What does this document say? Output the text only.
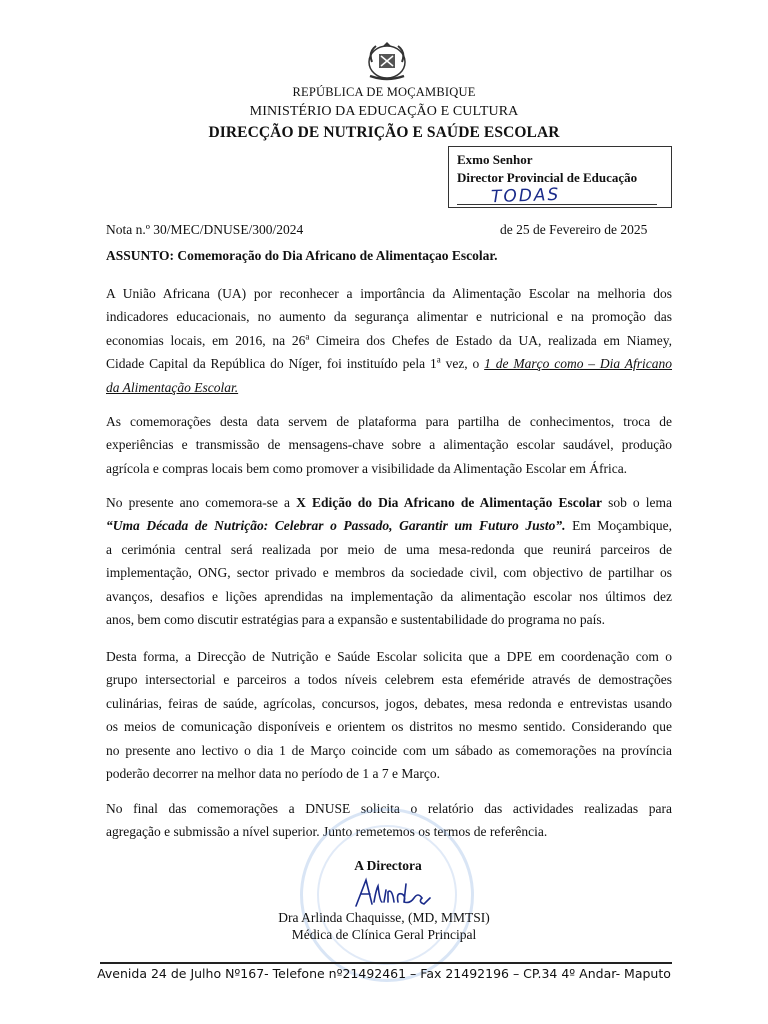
REPÚBLICA DE MOÇAMBIQUE
MINISTÉRIO DA EDUCAÇÃO E CULTURA
DIRECÇÃO DE NUTRIÇÃO E SAÚDE ESCOLAR
Exmo Senhor
Director Provincial de Educação
TODAS
Nota n.º 30/MEC/DNUSE/300/2024	de 25 de Fevereiro de 2025
ASSUNTO: Comemoração do Dia Africano de Alimentaçao Escolar.
A União Africana (UA) por reconhecer a importância da Alimentação Escolar na melhoria dos
indicadores educacionais, no aumento da segurança alimentar e nutricional e na promoção das
economias locais, em 2016, na 26$^a$ Cimeira dos Chefes de Estado da UA, realizada em Niamey,
Cidade Capital da República do Níger, foi instituído pela 1$^a$ vez, o 1 de Março como – Dia Africano
da Alimentação Escolar.
As comemorações desta data servem de plataforma para partilha de conhecimentos, troca de
experiências e transmissão de mensagens-chave sobre a alimentação escolar saudável, produção
agrícola e compras locais bem como promover a visibilidade da Alimentação Escolar em África.
No presente ano comemora-se a X Edição do Dia Africano de Alimentação Escolar sob o lema
“Uma Década de Nutrição: Celebrar o Passado, Garantir um Futuro Justo”. Em Moçambique,
a cerimónia central será realizada por meio de uma mesa-redonda que reunirá parceiros de
implementação, ONG, sector privado e membros da sociedade civil, com objectivo de partilhar os
avanços, desafios e lições aprendidas na implementação da alimentação escolar nos últimos dez
anos, bem como discutir estratégias para a expansão e sustentabilidade do programa no país.
Desta forma, a Direcção de Nutrição e Saúde Escolar solicita que a DPE em coordenação com o
grupo intersectorial e parceiros a todos níveis celebrem esta efeméride através de demostrações
culinárias, feiras de saúde, agrícolas, concursos, jogos, debates, mesa redonda e entrevistas usando
os meios de comunicação disponíveis e orientem os distritos no mesmo sentido. Considerando que
no presente ano lectivo o dia 1 de Março coincide com um sábado as comemorações na província
poderão decorrer na melhor data no período de 1 a 7 e Março.
No final das comemorações a DNUSE solicita o relatório das actividades realizadas para
agregação e submissão a nível superior. Junto remetemos os termos de referência.
A Directora
Dra Arlinda Chaquisse, (MD, MMTSI)
Médica de Clínica Geral Principal
Avenida 24 de Julho Nº167- Telefone nº21492461 – Fax 21492196 – CP.34 4º Andar- Maputo
